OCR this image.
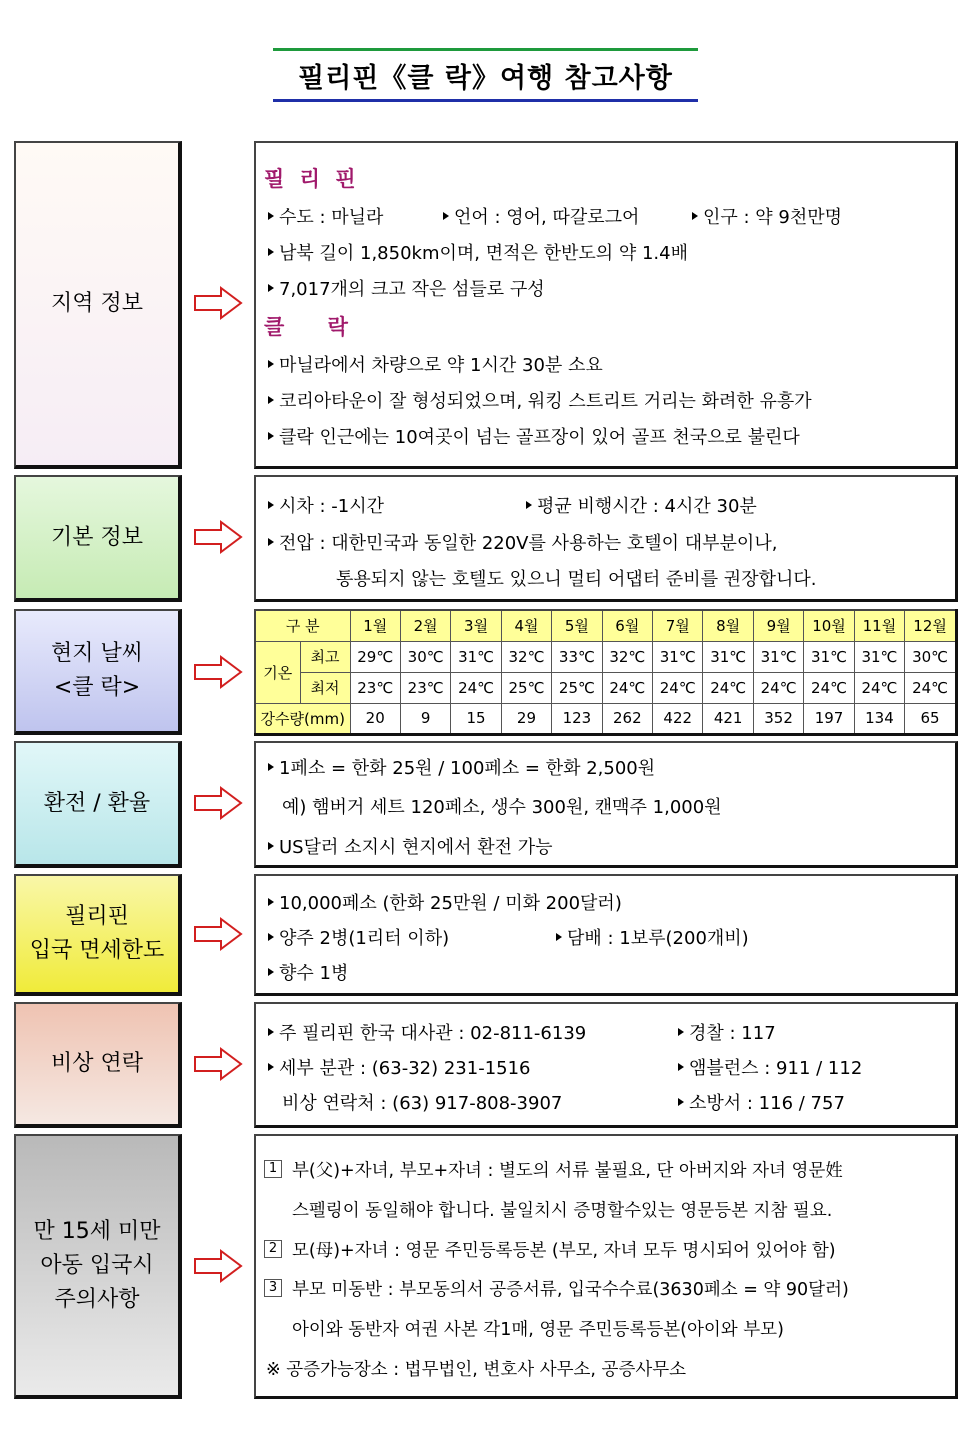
필리핀《클 락》여행 참고사항
지역 정보
필 리 핀
수도 : 마닐라	언어 : 영어, 따갈로그어	인구 : 약 9천만명
남북 길이 1,850km이며, 면적은 한반도의 약 1.4배
7,017개의 크고 작은 섬들로 구성
클 락
마닐라에서 차량으로 약 1시간 30분 소요
코리아타운이 잘 형성되었으며, 워킹 스트리트 거리는 화려한 유흥가
클락 인근에는 10여곳이 넘는 골프장이 있어 골프 천국으로 불린다
기본 정보
시차 : -1시간	평균 비행시간 : 4시간 30분
전압 : 대한민국과 동일한 220V를 사용하는 호텔이 대부분이나,
통용되지 않는 호텔도 있으니 멀티 어댑터 준비를 권장합니다.
현지 날씨
<클 락>
구 분		1월	2월	3월	4월	5월	6월	7월	8월	9월	10월	11월	12월
기온	최고	29℃	30℃	31℃	32℃	33℃	32℃	31℃	31℃	31℃	31℃	31℃	30℃
	최저	23℃	23℃	24℃	25℃	25℃	24℃	24℃	24℃	24℃	24℃	24℃	24℃
강수량(mm)		20	9	15	29	123	262	422	421	352	197	134	65
환전 / 환율
1페소 = 한화 25원 / 100페소 = 한화 2,500원
예) 햄버거 세트 120페소, 생수 300원, 캔맥주 1,000원
US달러 소지시 현지에서 환전 가능
필리핀
입국 면세한도
10,000페소 (한화 25만원 / 미화 200달러)
양주 2병(1리터 이하)	담배 : 1보루(200개비)
향수 1병
비상 연락
주 필리핀 한국 대사관 : 02-811-6139	경찰 : 117
세부 분관 : (63-32) 231-1516	앰블런스 : 911 / 112
비상 연락처 : (63) 917-808-3907	소방서 : 116 / 757
만 15세 미만
아동 입국시
주의사항
1 부(父)+자녀, 부모+자녀 : 별도의 서류 불필요, 단 아버지와 자녀 영문姓
스펠링이 동일해야 합니다. 불일치시 증명할수있는 영문등본 지참 필요.
2 모(母)+자녀 : 영문 주민등록등본 (부모, 자녀 모두 명시되어 있어야 함)
3 부모 미동반 : 부모동의서 공증서류, 입국수수료(3630페소 = 약 90달러)
아이와 동반자 여권 사본 각1매, 영문 주민등록등본(아이와 부모)
※ 공증가능장소 : 법무법인, 변호사 사무소, 공증사무소
